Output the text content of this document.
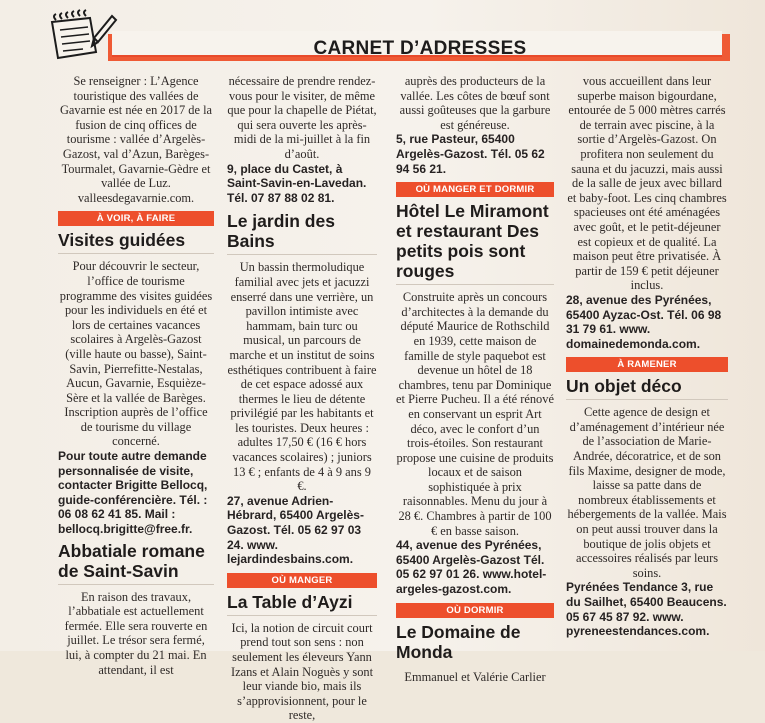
CARNET D’ADRESSES

Se renseigner : L’Agence touristique des vallées de Gavarnie est née en 2017 de la fusion de cinq offices de tourisme : vallée d’Argelès-Gazost, val d’Azun, Barèges-Tourmalet, Gavarnie-Gèdre et vallée de Luz. valleesdegavarnie.com.

À VOIR, À FAIRE
Visites guidées

Pour découvrir le secteur, l’office de tourisme programme des visites guidées pour les individuels en été et lors de certaines vacances scolaires à Argelès-Gazost (ville haute ou basse), Saint-Savin, Pierrefitte-Nestalas, Aucun, Gavarnie, Esquièze-Sère et la vallée de Barèges. Inscription auprès de l’office de tourisme du village concerné.

Pour toute autre demande personnalisée de visite, contacter Brigitte Bellocq, guide-conférencière. Tél. : 06 08 62 41 85. Mail : bellocq.brigitte@free.fr.

Abbatiale romane de Saint-Savin

En raison des travaux, l’abbatiale est actuellement fermée. Elle sera rouverte en juillet. Le trésor sera fermé, lui, à compter du 21 mai. En attendant, il est

nécessaire de prendre rendez-vous pour le visiter, de même que pour la chapelle de Piétat, qui sera ouverte les après-midi de la mi-juillet à la fin d’août.

9, place du Castet, à Saint-Savin-en-Lavedan. Tél. 07 87 88 02 81.

Le jardin des Bains

Un bassin thermoludique familial avec jets et jacuzzi enserré dans une verrière, un pavillon intimiste avec hammam, bain turc ou musical, un parcours de marche et un institut de soins esthétiques contribuent à faire de cet espace adossé aux thermes le lieu de détente privilégié par les habitants et les touristes. Deux heures : adultes 17,50 € (16 € hors vacances scolaires) ; juniors 13 € ; enfants de 4 à 9 ans 9 €.

27, avenue Adrien-Hébrard, 65400 Argelès-Gazost. Tél. 05 62 97 03 24. www. lejardindesbains.com.

OÙ MANGER
La Table d’Ayzi

Ici, la notion de circuit court prend tout son sens : non seulement les éleveurs Yann Izans et Alain Noguès y sont leur viande bio, mais ils s’approvisionnent, pour le reste,

auprès des producteurs de la vallée. Les côtes de bœuf sont aussi goûteuses que la garbure est généreuse.

5, rue Pasteur, 65400 Argelès-Gazost. Tél. 05 62 94 56 21.

OÙ MANGER ET DORMIR
Hôtel Le Miramont et restaurant Des petits pois sont rouges

Construite après un concours d’architectes à la demande du député Maurice de Rothschild en 1939, cette maison de famille de style paquebot est devenue un hôtel de 18 chambres, tenu par Dominique et Pierre Pucheu. Il a été rénové en conservant un esprit Art déco, avec le confort d’un trois-étoiles. Son restaurant propose une cuisine de produits locaux et de saison sophistiquée à prix raisonnables. Menu du jour à 28 €. Chambres à partir de 100 € en basse saison.

44, avenue des Pyrénées, 65400 Argelès-Gazost Tél. 05 62 97 01 26. www.hotel-argeles-gazost.com.

OÙ DORMIR
Le Domaine de Monda

Emmanuel et Valérie Carlier

vous accueillent dans leur superbe maison bigourdane, entourée de 5 000 mètres carrés de terrain avec piscine, à la sortie d’Argelès-Gazost. On profitera non seulement du sauna et du jacuzzi, mais aussi de la salle de jeux avec billard et baby-foot. Les cinq chambres spacieuses ont été aménagées avec goût, et le petit-déjeuner est copieux et de qualité. La maison peut être privatisée. À partir de 159 € petit déjeuner inclus.

28, avenue des Pyrénées, 65400 Ayzac-Ost. Tél. 06 98 31 79 61. www. domainedemonda.com.

À RAMENER
Un objet déco

Cette agence de design et d’aménagement d’intérieur née de l’association de Marie-Andrée, décoratrice, et de son fils Maxime, designer de mode, laisse sa patte dans de nombreux établissements et hébergements de la vallée. Mais on peut aussi trouver dans la boutique de jolis objets et accessoires réalisés par leurs soins.

Pyrénées Tendance 3, rue du Sailhet, 65400 Beaucens. 05 67 45 87 92. www. pyreneestendances.com.
